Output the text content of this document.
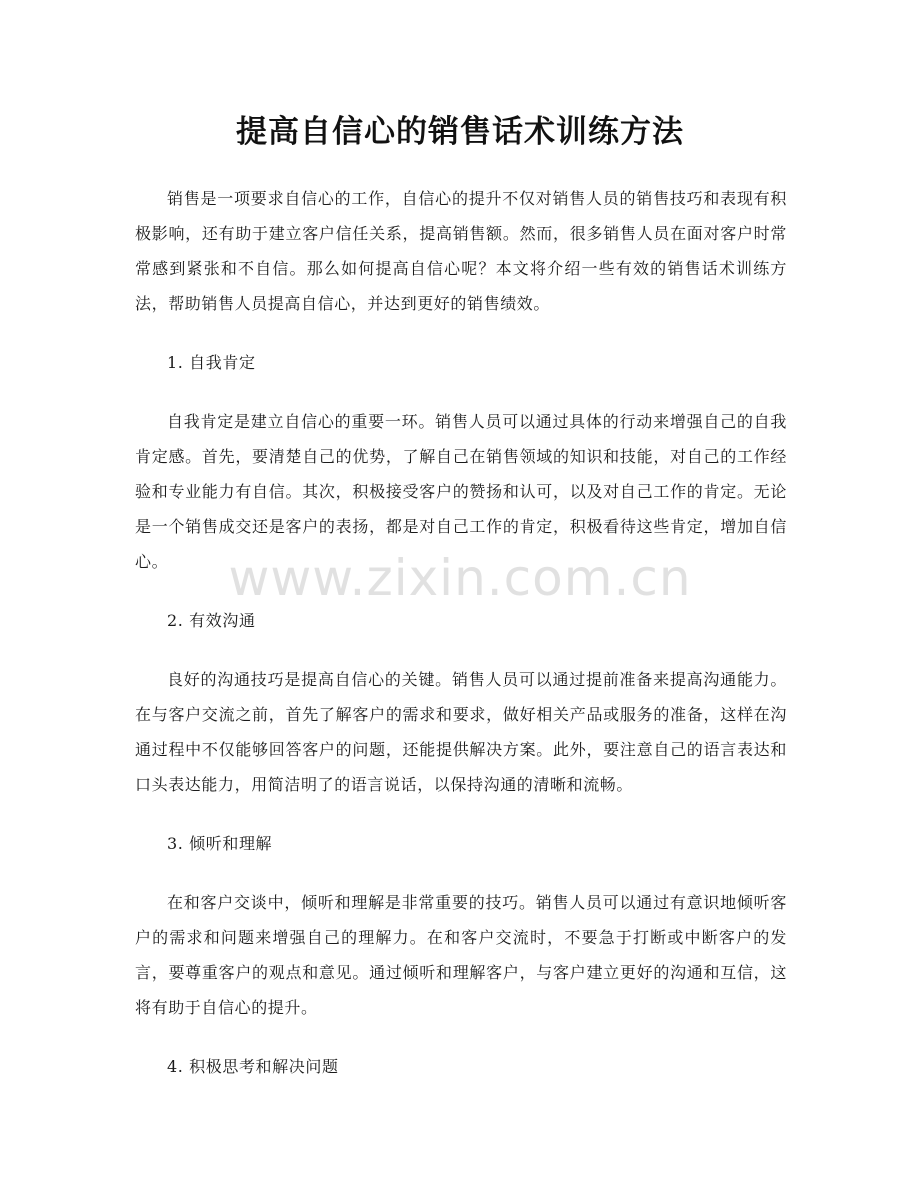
提高自信心的销售话术训练方法

销售是一项要求自信心的工作，自信心的提升不仅对销售人员的销售技巧和表现有积极影响，还有助于建立客户信任关系，提高销售额。然而，很多销售人员在面对客户时常常感到紧张和不自信。那么如何提高自信心呢？本文将介绍一些有效的销售话术训练方法，帮助销售人员提高自信心，并达到更好的销售绩效。

1. 自我肯定

自我肯定是建立自信心的重要一环。销售人员可以通过具体的行动来增强自己的自我肯定感。首先，要清楚自己的优势，了解自己在销售领域的知识和技能，对自己的工作经验和专业能力有自信。其次，积极接受客户的赞扬和认可，以及对自己工作的肯定。无论是一个销售成交还是客户的表扬，都是对自己工作的肯定，积极看待这些肯定，增加自信心。

2. 有效沟通

良好的沟通技巧是提高自信心的关键。销售人员可以通过提前准备来提高沟通能力。在与客户交流之前，首先了解客户的需求和要求，做好相关产品或服务的准备，这样在沟通过程中不仅能够回答客户的问题，还能提供解决方案。此外，要注意自己的语言表达和口头表达能力，用简洁明了的语言说话，以保持沟通的清晰和流畅。

3. 倾听和理解

在和客户交谈中，倾听和理解是非常重要的技巧。销售人员可以通过有意识地倾听客户的需求和问题来增强自己的理解力。在和客户交流时，不要急于打断或中断客户的发言，要尊重客户的观点和意见。通过倾听和理解客户，与客户建立更好的沟通和互信，这将有助于自信心的提升。

4. 积极思考和解决问题

www.zixin.com.cn
